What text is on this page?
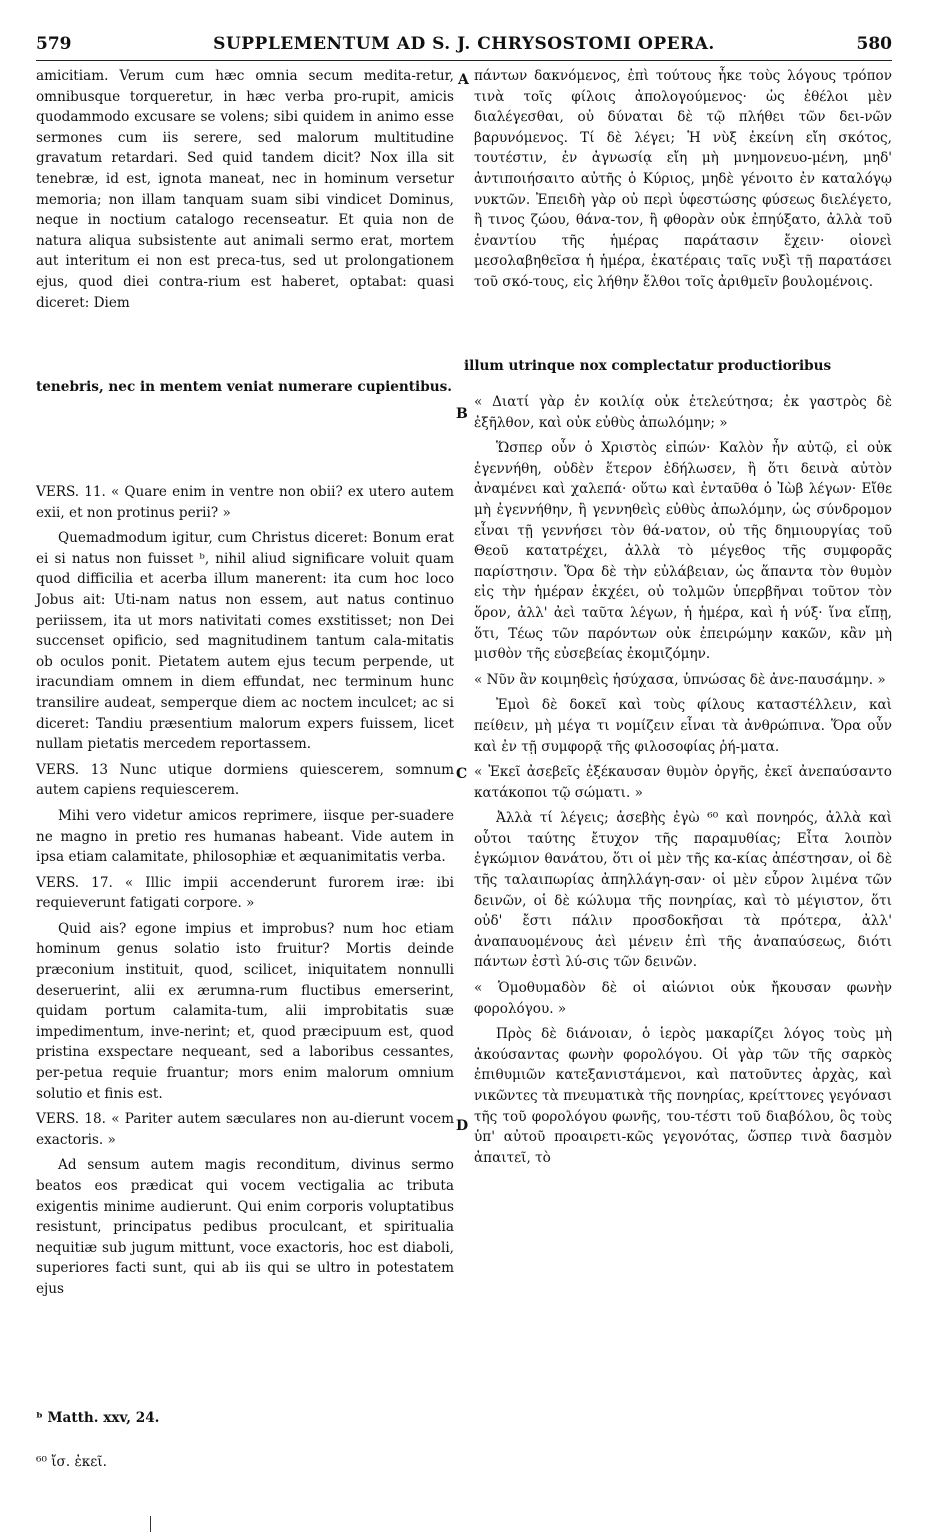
579	SUPPLEMENTUM AD S. J. CHRYSOSTOMI OPERA.	580

amicitiam. Verum cum hæc omnia secum medita-retur, omnibusque torqueretur, in hæc verba pro-rupit, amicis quodammodo excusare se volens; sibi quidem in animo esse sermones cum iis serere, sed malorum multitudine gravatum retardari. Sed quid tandem dicit? Nox illa sit tenebræ, id est, ignota maneat, nec in hominum versetur memoria; non illam tanquam suam sibi vindicet Dominus, neque in noctium catalogo recenseatur. Et quia non de natura aliqua subsistente aut animali sermo erat, mortem aut interitum ei non est preca-tus, sed ut prolongationem ejus, quod diei contra-rium est haberet, optabat: quasi diceret: Diem

VERS. 11. « Quare enim in ventre non obii? ex utero autem exii, et non protinus perii? »

Quemadmodum igitur, cum Christus diceret: Bonum erat ei si natus non fuisset ᵇ, nihil aliud significare voluit quam quod difficilia et acerba illum manerent: ita cum hoc loco Jobus ait: Uti-nam natus non essem, aut natus continuo periissem, ita ut mors nativitati comes exstitisset; non Dei succenset opificio, sed magnitudinem tantum cala-mitatis ob oculos ponit. Pietatem autem ejus tecum perpende, ut iracundiam omnem in diem effundat, nec terminum hunc transilire audeat, semperque diem ac noctem inculcet; ac si diceret: Tandiu præsentium malorum expers fuissem, licet nullam pietatis mercedem reportassem.

VERS. 13 Nunc utique dormiens quiescerem, somnum autem capiens requiescerem.

Mihi vero videtur amicos reprimere, iisque per-suadere ne magno in pretio res humanas habeant. Vide autem in ipsa etiam calamitate, philosophiæ et æquanimitatis verba.

VERS. 17. « Illic impii accenderunt furorem iræ: ibi requieverunt fatigati corpore. »

Quid ais? egone impius et improbus? num hoc etiam hominum genus solatio isto fruitur? Mortis deinde præconium instituit, quod, scilicet, iniquitatem nonnulli deseruerint, alii ex ærumna-rum fluctibus emerserint, quidam portum calamita-tum, alii improbitatis suæ impedimentum, inve-nerint; et, quod præcipuum est, quod pristina exspectare nequeant, sed a laboribus cessantes, per-petua requie fruantur; mors enim malorum omnium solutio et finis est.

VERS. 18. « Pariter autem sæculares non au-dierunt vocem exactoris. »

Ad sensum autem magis reconditum, divinus sermo beatos eos prædicat qui vocem vectigalia ac tributa exigentis minime audierunt. Qui enim corporis voluptatibus resistunt, principatus pedibus proculcant, et spiritualia nequitiæ sub jugum mittunt, voce exactoris, hoc est diaboli, superiores facti sunt, qui ab iis qui se ultro in potestatem ejus

πάντων δακνόμενος, ἐπὶ τούτους ἧκε τοὺς λόγους τρόπον τινὰ τοῖς φίλοις ἀπολογούμενος· ὡς ἐθέλοι μὲν διαλέγεσθαι, οὐ δύναται δὲ τῷ πλήθει τῶν δει-νῶν βαρυνόμενος. Τί δὲ λέγει; Ἡ νὺξ ἐκείνη εἴη σκότος, τουτέστιν, ἐν ἀγνωσίᾳ εἴη μὴ μνημονευο-μένη, μηδ' ἀντιποιήσαιτο αὐτῆς ὁ Κύριος, μηδὲ γένοιτο ἐν καταλόγῳ νυκτῶν. Ἐπειδὴ γὰρ οὐ περὶ ὑφεστώσης φύσεως διελέγετο, ἢ τινος ζώου, θάνα-τον, ἢ φθορὰν οὐκ ἐπηύξατο, ἀλλὰ τοῦ ἐναντίου τῆς ἡμέρας παράτασιν ἔχειν· οἱονεὶ μεσολαβηθεῖσα ἡ ἡμέρα, ἑκατέραις ταῖς νυξὶ τῇ παρατάσει τοῦ σκό-τους, εἰς λήθην ἔλθοι τοῖς ἀριθμεῖν βουλομένοις.

« Διατί γὰρ ἐν κοιλίᾳ οὐκ ἐτελεύτησα; ἐκ γαστρὸς δὲ ἐξῆλθον, καὶ οὐκ εὐθὺς ἀπωλόμην; »

Ὥσπερ οὖν ὁ Χριστὸς εἰπών· Καλὸν ἦν αὐτῷ, εἰ οὐκ ἐγεννήθη, οὐδὲν ἕτερον ἐδήλωσεν, ἢ ὅτι δεινὰ αὐτὸν ἀναμένει καὶ χαλεπά· οὕτω καὶ ἐνταῦθα ὁ Ἰὼβ λέγων· Εἴθε μὴ ἐγεννήθην, ἢ γεννηθεὶς εὐθὺς ἀπωλόμην, ὡς σύνδρομον εἶναι τῇ γεννήσει τὸν θά-νατον, οὐ τῆς δημιουργίας τοῦ Θεοῦ κατατρέχει, ἀλλὰ τὸ μέγεθος τῆς συμφορᾶς παρίστησιν. Ὅρα δὲ τὴν εὐλάβειαν, ὡς ἅπαντα τὸν θυμὸν εἰς τὴν ἡμέραν ἐκχέει, οὐ τολμῶν ὑπερβῆναι τοῦτον τὸν ὅρον, ἀλλ' ἀεὶ ταῦτα λέγων, ἡ ἡμέρα, καὶ ἡ νύξ· ἵνα εἴπῃ, ὅτι, Τέως τῶν παρόντων οὐκ ἐπειρώμην κακῶν, κἂν μὴ μισθὸν τῆς εὐσεβείας ἐκομιζόμην.

« Νῦν ἂν κοιμηθεὶς ἡσύχασα, ὑπνώσας δὲ ἀνε-παυσάμην. »

Ἐμοὶ δὲ δοκεῖ καὶ τοὺς φίλους καταστέλλειν, καὶ πείθειν, μὴ μέγα τι νομίζειν εἶναι τὰ ἀνθρώπινα. Ὅρα οὖν καὶ ἐν τῇ συμφορᾷ τῆς φιλοσοφίας ῥή-ματα.

« Ἐκεῖ ἀσεβεῖς ἐξέκαυσαν θυμὸν ὀργῆς, ἐκεῖ ἀνεπαύσαντο κατάκοποι τῷ σώματι. »

Ἀλλὰ τί λέγεις; ἀσεβὴς ἐγὼ ⁶⁰ καὶ πονηρός, ἀλλὰ καὶ οὗτοι ταύτης ἔτυχον τῆς παραμυθίας; Εἶτα λοιπὸν ἐγκώμιον θανάτου, ὅτι οἱ μὲν τῆς κα-κίας ἀπέστησαν, οἱ δὲ τῆς ταλαιπωρίας ἀπηλλάγη-σαν· οἱ μὲν εὗρον λιμένα τῶν δεινῶν, οἱ δὲ κώλυμα τῆς πονηρίας, καὶ τὸ μέγιστον, ὅτι οὐδ' ἔστι πάλιν προσδοκῆσαι τὰ πρότερα, ἀλλ' ἀναπαυομένους ἀεὶ μένειν ἐπὶ τῆς ἀναπαύσεως, διότι πάντων ἐστὶ λύ-σις τῶν δεινῶν.

« Ὁμοθυμαδὸν δὲ οἱ αἰώνιοι οὐκ ἤκουσαν φωνὴν φορολόγου. »

Πρὸς δὲ διάνοιαν, ὁ ἱερὸς μακαρίζει λόγος τοὺς μὴ ἀκούσαντας φωνὴν φορολόγου. Οἱ γὰρ τῶν τῆς σαρκὸς ἐπιθυμιῶν κατεξανιστάμενοι, καὶ πατοῦντες ἀρχὰς, καὶ νικῶντες τὰ πνευματικὰ τῆς πονηρίας, κρείττονες γεγόνασι τῆς τοῦ φορολόγου φωνῆς, του-τέστι τοῦ διαβόλου, ὃς τοὺς ὑπ' αὐτοῦ προαιρετι-κῶς γεγονότας, ὥσπερ τινὰ δασμὸν ἀπαιτεῖ, τὸ

illum utrinque nox complectatur productioribus
tenebris, nec in mentem veniat numerare cupientibus.
A
B
C
D
ᵇ Matth. xxv, 24.
⁶⁰ ἴσ. ἐκεῖ.
